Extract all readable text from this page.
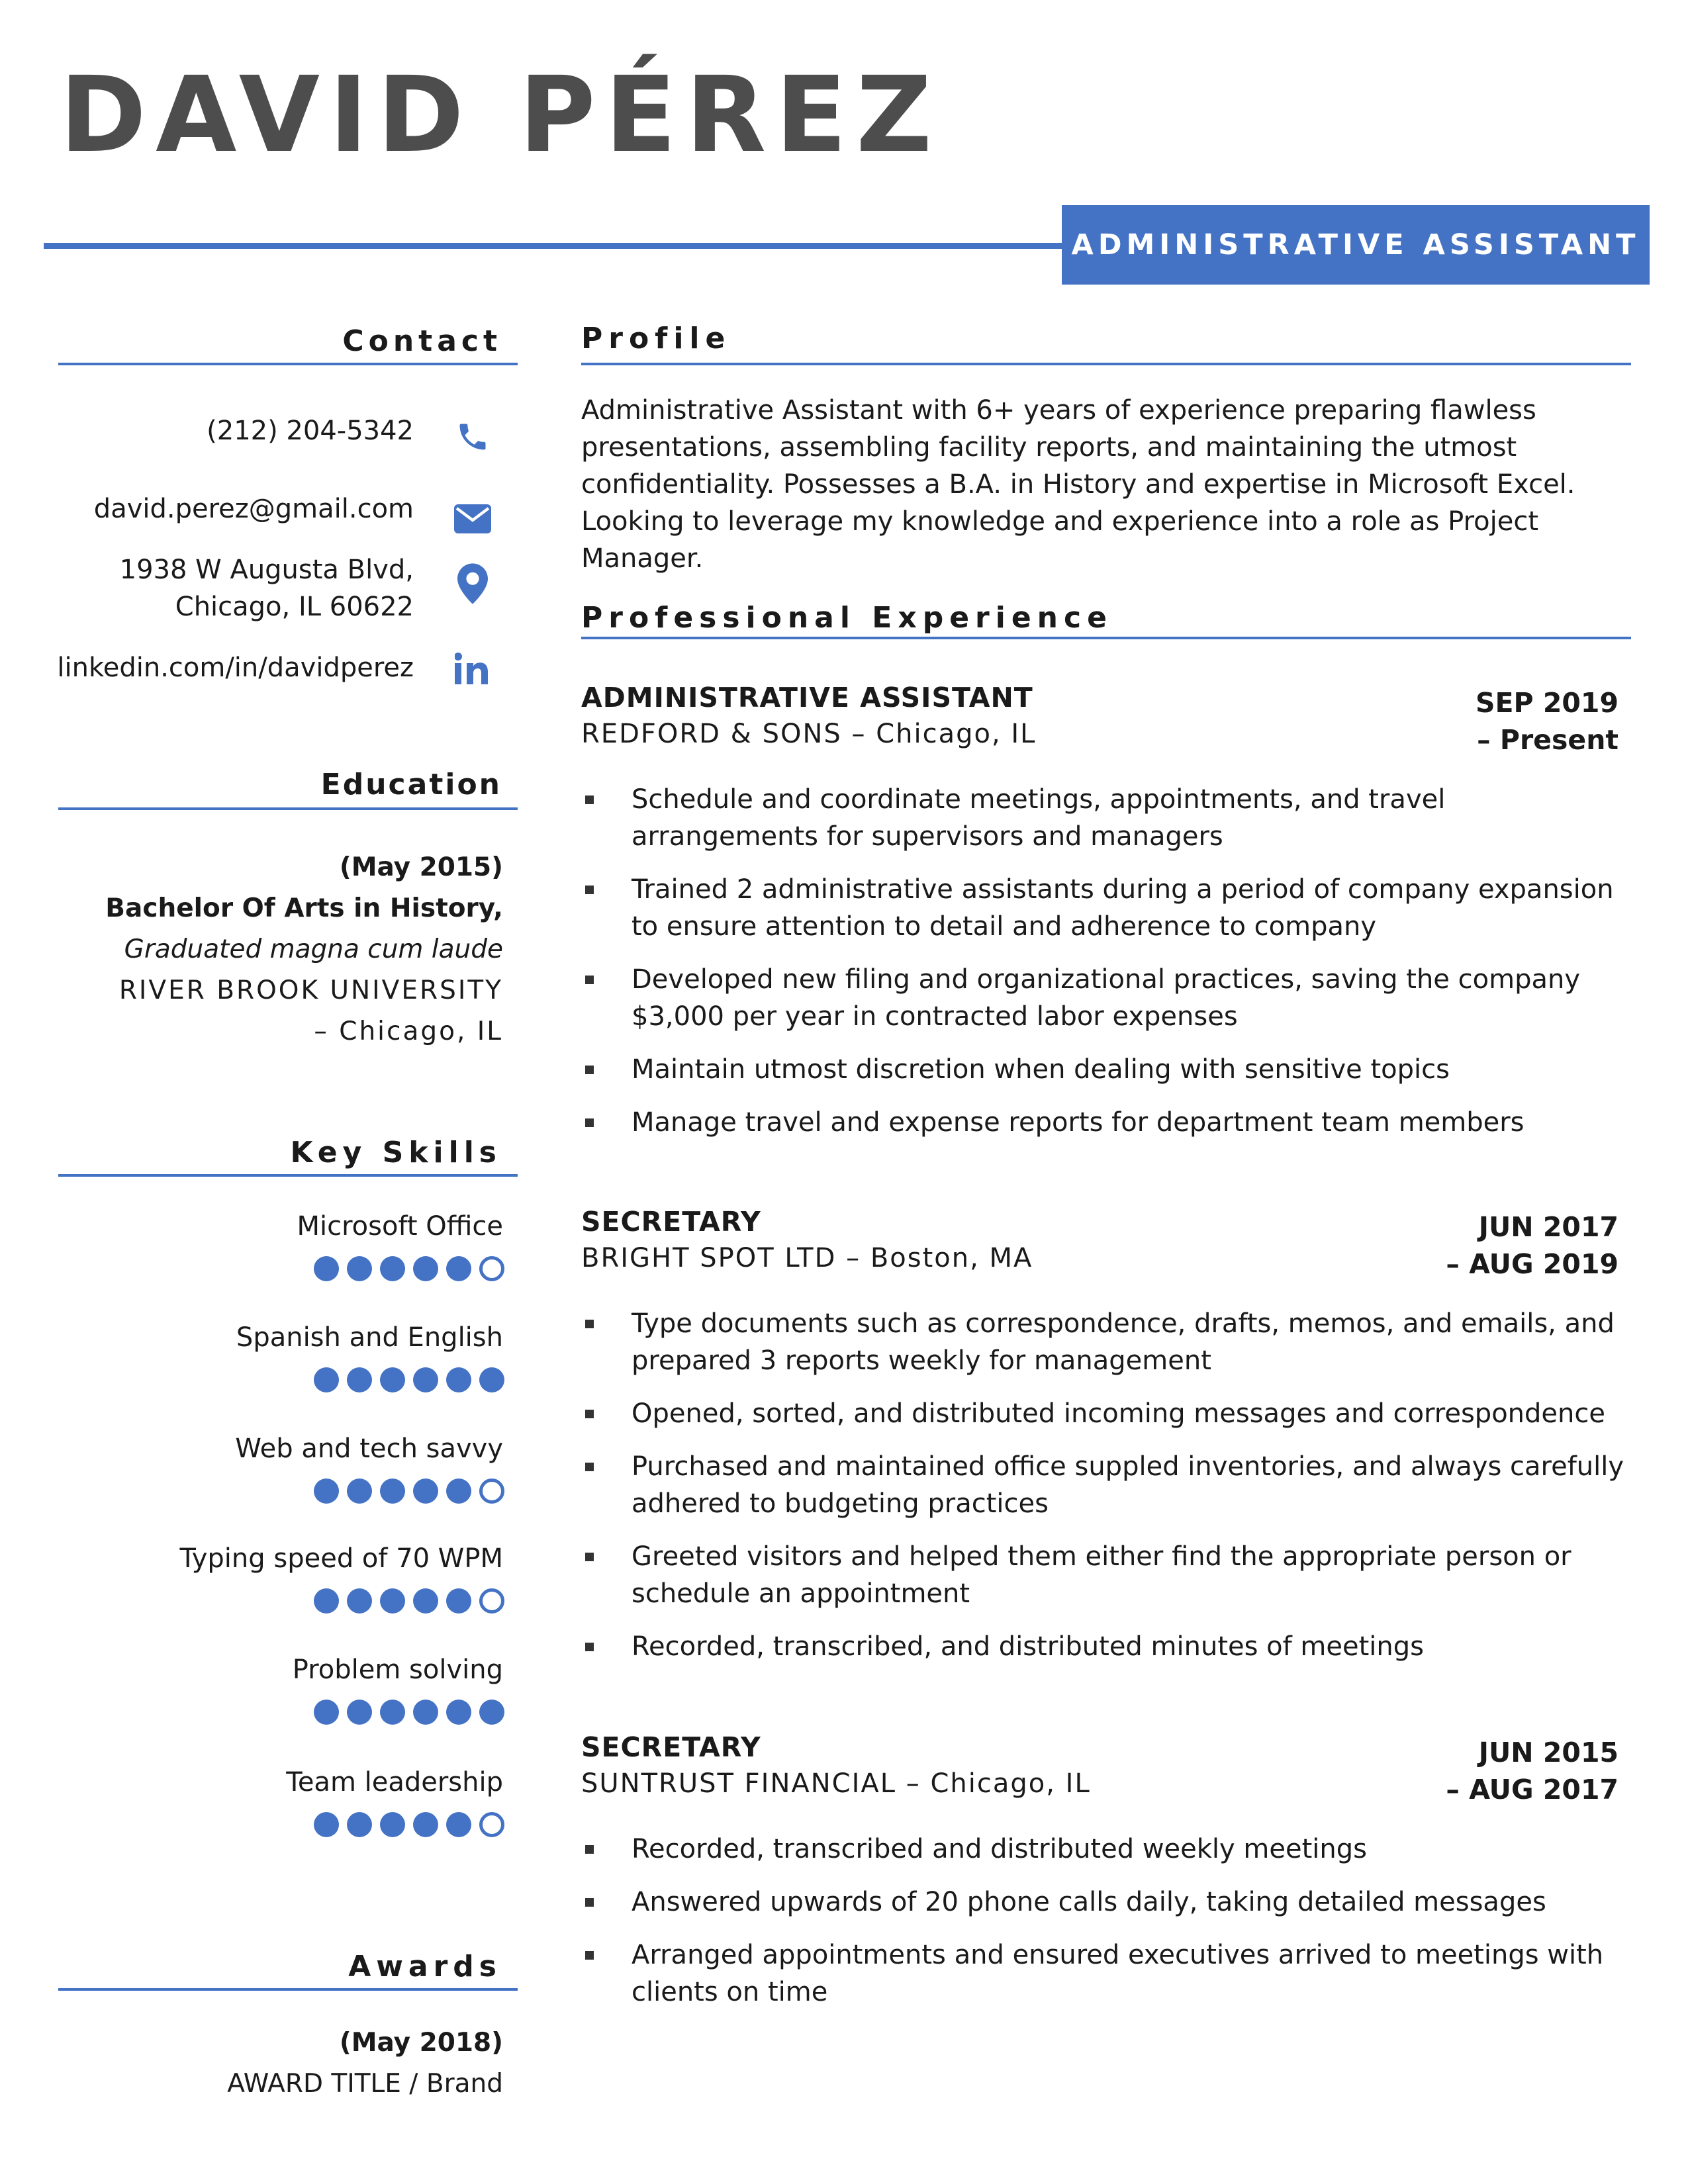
DAVID PÉREZ
ADMINISTRATIVE ASSISTANT
Contact
(212) 204-5342
david.perez@gmail.com
1938 W Augusta Blvd,
Chicago, IL 60622
linkedin.com/in/davidperez
Education
(May 2015)
Bachelor Of Arts in History,
Graduated magna cum laude
RIVER BROOK UNIVERSITY
– Chicago, IL
Key Skills
Microsoft Office
Spanish and English
Web and tech savvy
Typing speed of 70 WPM
Problem solving
Team leadership
Awards
(May 2018)
AWARD TITLE / Brand
Profile
Administrative Assistant with 6+ years of experience preparing flawless presentations, assembling facility reports, and maintaining the utmost confidentiality. Possesses a B.A. in History and expertise in Microsoft Excel. Looking to leverage my knowledge and experience into a role as Project Manager.
Professional Experience
ADMINISTRATIVE ASSISTANT
REDFORD & SONS – Chicago, IL
SEP 2019
– Present
Schedule and coordinate meetings, appointments, and travel arrangements for supervisors and managers
Trained 2 administrative assistants during a period of company expansion to ensure attention to detail and adherence to company
Developed new filing and organizational practices, saving the company $3,000 per year in contracted labor expenses
Maintain utmost discretion when dealing with sensitive topics
Manage travel and expense reports for department team members
SECRETARY
BRIGHT SPOT LTD – Boston, MA
JUN 2017
– AUG 2019
Type documents such as correspondence, drafts, memos, and emails, and prepared 3 reports weekly for management
Opened, sorted, and distributed incoming messages and correspondence
Purchased and maintained office suppled inventories, and always carefully adhered to budgeting practices
Greeted visitors and helped them either find the appropriate person or schedule an appointment
Recorded, transcribed, and distributed minutes of meetings
SECRETARY
SUNTRUST FINANCIAL – Chicago, IL
JUN 2015
– AUG 2017
Recorded, transcribed and distributed weekly meetings
Answered upwards of 20 phone calls daily, taking detailed messages
Arranged appointments and ensured executives arrived to meetings with clients on time
